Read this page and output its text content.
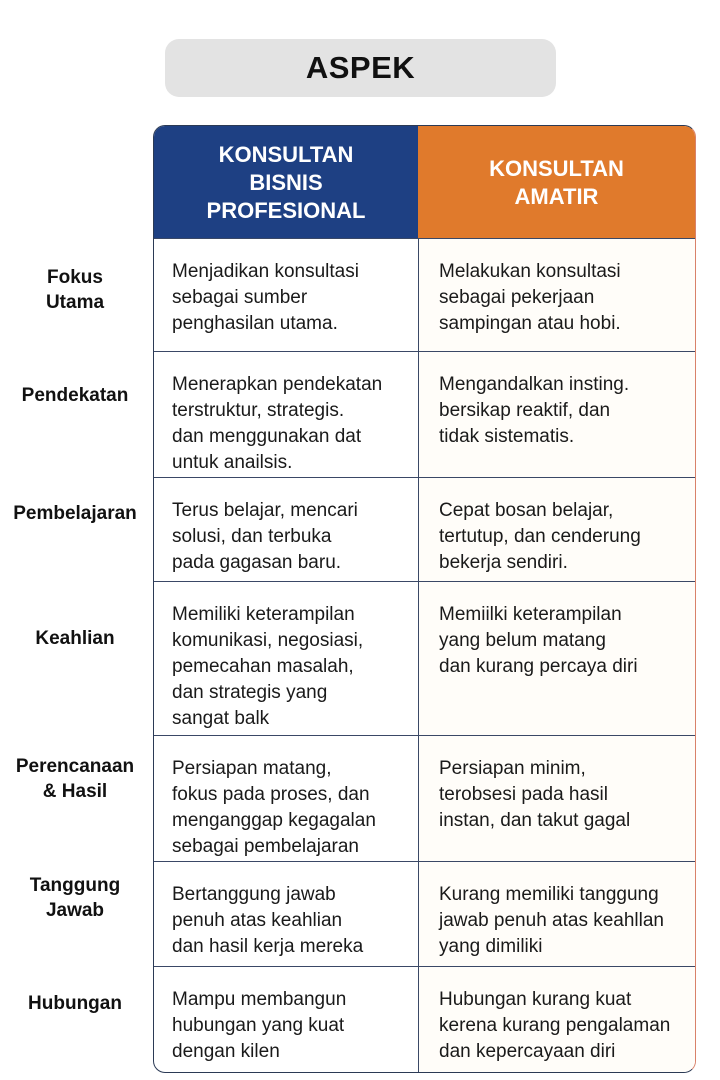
ASPEK
KONSULTAN
BISNIS
PROFESIONAL
KONSULTAN
AMATIR
Menjadikan konsultasi
sebagai sumber
penghasilan utama.
Melakukan konsultasi
sebagai pekerjaan
sampingan atau hobi.
Menerapkan pendekatan
terstruktur, strategis.
dan menggunakan dat
untuk anailsis.
Mengandalkan insting.
bersikap reaktif, dan
tidak sistematis.
Terus belajar, mencari
solusi, dan terbuka
pada gagasan baru.
Cepat bosan belajar,
tertutup, dan cenderung
bekerja sendiri.
Memiliki keterampilan
komunikasi, negosiasi,
pemecahan masalah,
dan strategis yang
sangat balk
Memiilki keterampilan
yang belum matang
dan kurang percaya diri
Persiapan matang,
fokus pada proses, dan
menganggap kegagalan
sebagai pembelajaran
Persiapan minim,
terobsesi pada hasil
instan, dan takut gagal
Bertanggung jawab
penuh atas keahlian
dan hasil kerja mereka
Kurang memiliki tanggung
jawab penuh atas keahllan
yang dimiliki
Mampu membangun
hubungan yang kuat
dengan kilen
Hubungan kurang kuat
kerena kurang pengalaman
dan kepercayaan diri
Fokus
Utama
Pendekatan
Pembelajaran
Keahlian
Perencanaan
& Hasil
Tanggung
Jawab
Hubungan
